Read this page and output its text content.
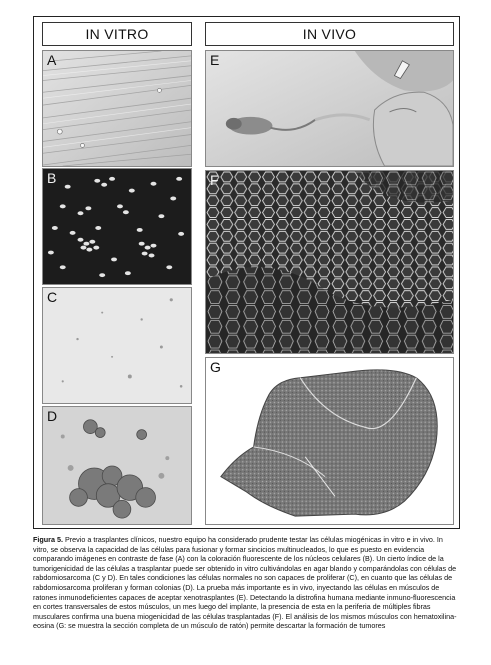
IN VITRO	IN VIVO
A
B
C
D
E
F
G
Figura 5. Previo a trasplantes clínicos, nuestro equipo ha considerado prudente testar las células miogénicas in vitro e in vivo. In vitro, se observa la capacidad de las células para fusionar y formar sincicios multinucleados, lo que es puesto en evidencia comparando imágenes en contraste de fase (A) con la coloración fluorescente de los núcleos celulares (B). Un cierto índice de la tumorigenicidad de las células a trasplantar puede ser obtenido in vitro cultivándolas en agar blando y comparándolas con células de rabdomiosarcoma (C y D). En tales condiciones las células normales no son capaces de proliferar (C), en cuanto que las células de rabdomiosarcoma proliferan y forman colonias (D). La prueba más importante es in vivo, inyectando las células en músculos de ratones inmunodeficientes capaces de aceptar xenotrasplantes (E). Detectando la distrofina humana mediante inmuno-fluorescencia en cortes transversales de estos músculos, un mes luego del implante, la presencia de esta en la periferia de múltiples fibras musculares confirma una buena miogenicidad de las células trasplantadas (F). El análisis de los mismos músculos con hematoxilina-eosina (G: se muestra la sección completa de un músculo de ratón) permite descartar la formación de tumores
